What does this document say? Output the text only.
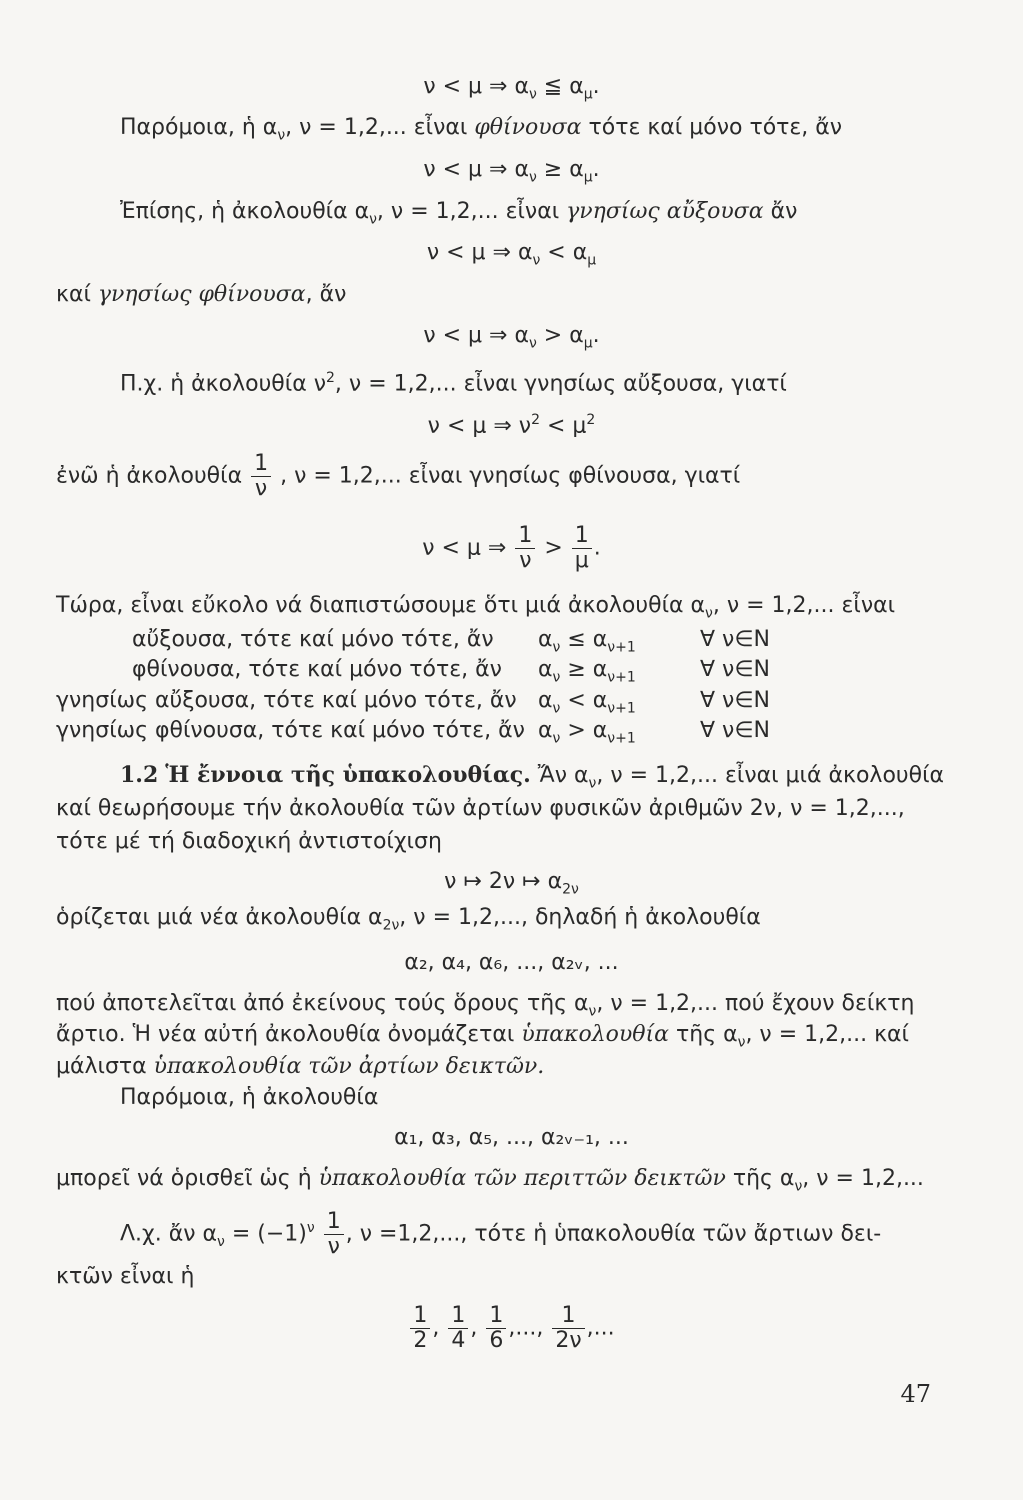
ν < μ ⇒ $\alpha_\nu$ ≦ $\alpha_\mu$.
Παρόμοια, ἡ $\alpha_\nu$, ν = 1,2,... εἶναι φθίνουσα τότε καί μόνο τότε, ἄν
ν < μ ⇒ $\alpha_\nu \ge \alpha_\mu$.
Ἐπίσης, ἡ ἀκολουθία $\alpha_\nu$, ν = 1,2,... εἶναι γνησίως αὔξουσα ἄν
ν < μ ⇒ $\alpha_\nu < \alpha_\mu$
καί γνησίως φθίνουσα, ἄν
ν < μ ⇒ $\alpha_\nu > \alpha_\mu$.
Π.χ. ἡ ἀκολουθία $\nu^2$, ν = 1,2,... εἶναι γνησίως αὔξουσα, γιατί
ν < μ ⇒ $\nu^2 < \mu^2$
ἐνῶ ἡ ἀκολουθία $\frac{1}{\nu}$ , ν = 1,2,... εἶναι γνησίως φθίνουσα, γιατί
ν < μ ⇒ $\frac{1}{\nu} > \frac{1}{\mu}$ .
Τώρα, εἶναι εὔκολο νά διαπιστώσουμε ὅτι μιά ἀκολουθία $\alpha_\nu$, ν = 1,2,... εἶναι
αὔξουσα, τότε καί μόνο τότε, ἄν $\alpha_\nu \le \alpha_{\nu+1}$	∀ ν∈N
φθίνουσα, τότε καί μόνο τότε, ἄν $\alpha_\nu \ge \alpha_{\nu+1}$	∀ ν∈N
γνησίως αὔξουσα, τότε καί μόνο τότε, ἄν $\alpha_\nu < \alpha_{\nu+1}$	∀ ν∈N
γνησίως φθίνουσα, τότε καί μόνο τότε, ἄν $\alpha_\nu > \alpha_{\nu+1}$	∀ ν∈N
1.2 Ἡ ἔννοια τῆς ὑπακολουθίας. Ἄν $\alpha_\nu$, ν = 1,2,... εἶναι μιά ἀκολουθία
καί θεωρήσουμε τήν ἀκολουθία τῶν ἀρτίων φυσικῶν ἀριθμῶν 2ν, ν = 1,2,...,
τότε μέ τή διαδοχική ἀντιστοίχιση
ν ↦ 2ν ↦ $\alpha_{2\nu}$
ὁρίζεται μιά νέα ἀκολουθία $\alpha_{2\nu}$, ν = 1,2,..., δηλαδή ἡ ἀκολουθία
α₂, α₄, α₆, ..., α₂ᵥ, ...
πού ἀποτελεῖται ἀπό ἐκείνους τούς ὅρους τῆς $\alpha_\nu$, ν = 1,2,... πού ἔχουν δείκτη
ἄρτιο. Ἡ νέα αὐτή ἀκολουθία ὀνομάζεται ὑπακολουθία τῆς $\alpha_\nu$, ν = 1,2,... καί
μάλιστα ὑπακολουθία τῶν ἀρτίων δεικτῶν.
Παρόμοια, ἡ ἀκολουθία
α₁, α₃, α₅, ..., α₂ᵥ₋₁, ...
μπορεῖ νά ὁρισθεῖ ὡς ἡ ὑπακολουθία τῶν περιττῶν δεικτῶν τῆς $\alpha_\nu$, ν = 1,2,...
Λ.χ. ἄν $\alpha_\nu = (-1)^\nu \frac{1}{\nu}$ , ν =1,2,..., τότε ἡ ὑπακολουθία τῶν ἄρτιων δει-
κτῶν εἶναι ἡ
$\frac{1}{2}$ , $\frac{1}{4}$ , $\frac{1}{6}$ ,..., $\frac{1}{2\nu}$ ,...
47
